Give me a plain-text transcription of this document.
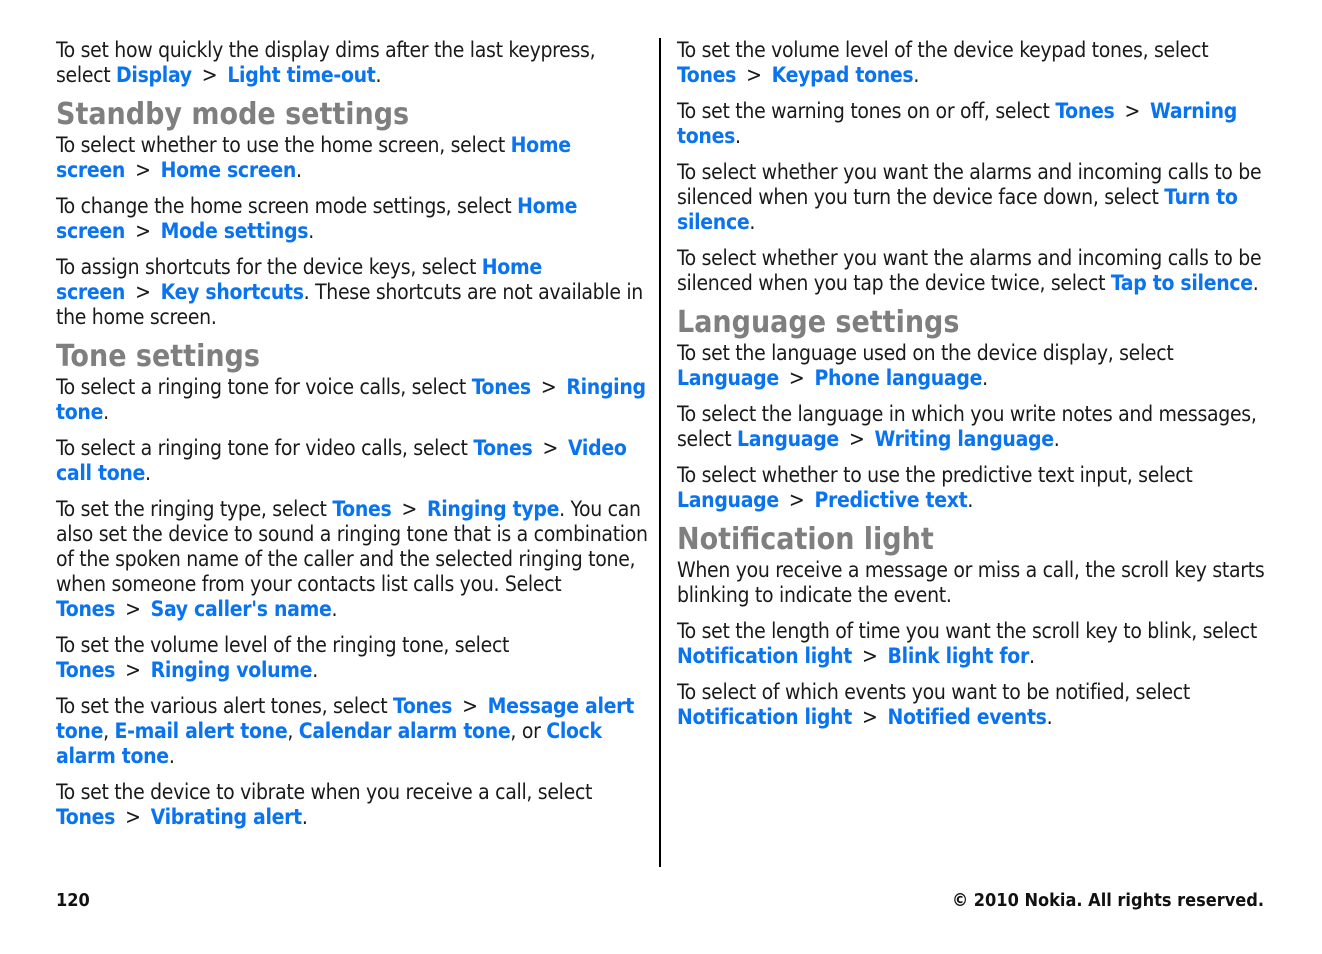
To set how quickly the display dims after the last keypress, select Display > Light time-out.

Standby mode settings

To select whether to use the home screen, select Home screen > Home screen.

To change the home screen mode settings, select Home screen > Mode settings.

To assign shortcuts for the device keys, select Home screen > Key shortcuts. These shortcuts are not available in the home screen.

Tone settings

To select a ringing tone for voice calls, select Tones > Ringing tone.

To select a ringing tone for video calls, select Tones > Video call tone.

To set the ringing type, select Tones > Ringing type. You can also set the device to sound a ringing tone that is a combination of the spoken name of the caller and the selected ringing tone, when someone from your contacts list calls you. Select Tones > Say caller's name.

To set the volume level of the ringing tone, select Tones > Ringing volume.

To set the various alert tones, select Tones > Message alert tone, E-mail alert tone, Calendar alarm tone, or Clock alarm tone.

To set the device to vibrate when you receive a call, select Tones > Vibrating alert.

To set the volume level of the device keypad tones, select Tones > Keypad tones.

To set the warning tones on or off, select Tones > Warning tones.

To select whether you want the alarms and incoming calls to be silenced when you turn the device face down, select Turn to silence.

To select whether you want the alarms and incoming calls to be silenced when you tap the device twice, select Tap to silence.

Language settings

To set the language used on the device display, select Language > Phone language.

To select the language in which you write notes and messages, select Language > Writing language.

To select whether to use the predictive text input, select Language > Predictive text.

Notification light

When you receive a message or miss a call, the scroll key starts blinking to indicate the event.

To set the length of time you want the scroll key to blink, select Notification light > Blink light for.

To select of which events you want to be notified, select Notification light > Notified events.

120	© 2010 Nokia. All rights reserved.
